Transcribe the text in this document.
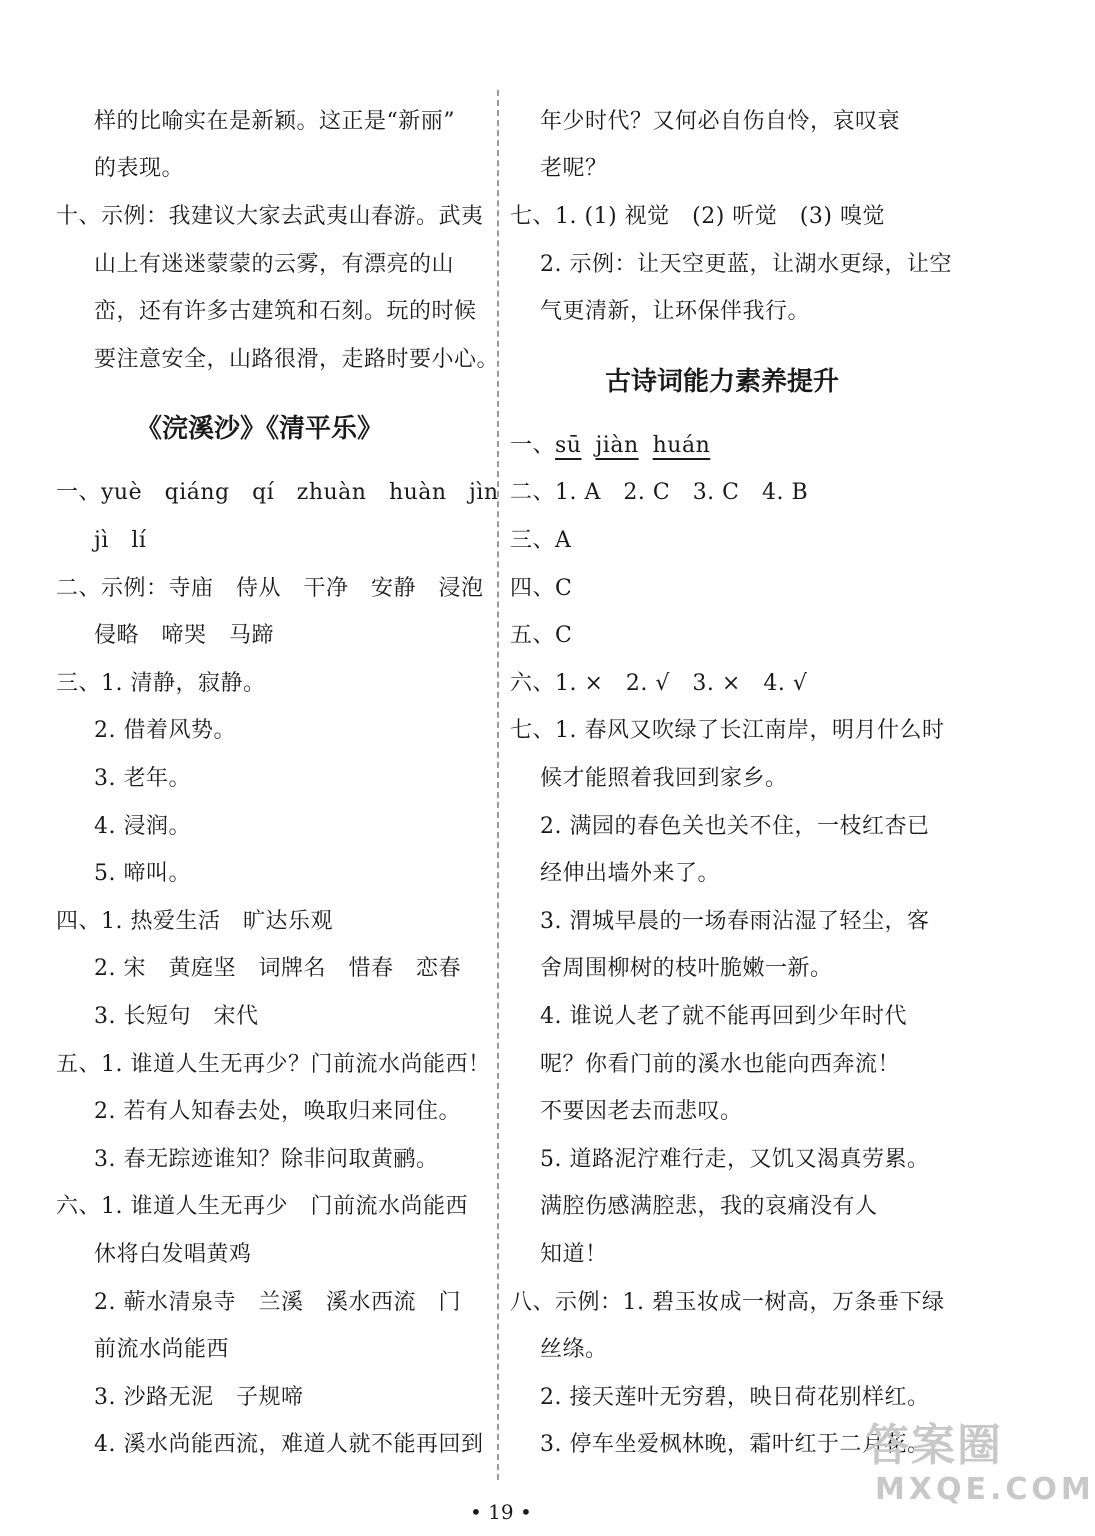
样的比喻实在是新颖。这正是“新丽”
的表现。
十、示例：我建议大家去武夷山春游。武夷
山上有迷迷蒙蒙的云雾，有漂亮的山
峦，还有许多古建筑和石刻。玩的时候
要注意安全，山路很滑，走路时要小心。
《浣溪沙》《清平乐》
一、yuè　qiáng　qí　zhuàn　huàn　jìn
jì　lí
二、示例：寺庙　侍从　干净　安静　浸泡
侵略　啼哭　马蹄
三、1. 清静，寂静。
2. 借着风势。
3. 老年。
4. 浸润。
5. 啼叫。
四、1. 热爱生活　旷达乐观
2. 宋　黄庭坚　词牌名　惜春　恋春
3. 长短句　宋代
五、1. 谁道人生无再少？门前流水尚能西！
2. 若有人知春去处，唤取归来同住。
3. 春无踪迹谁知？除非问取黄鹂。
六、1. 谁道人生无再少　门前流水尚能西
休将白发唱黄鸡
2. 蕲水清泉寺　兰溪　溪水西流　门
前流水尚能西
3. 沙路无泥　子规啼
4. 溪水尚能西流，难道人就不能再回到
年少时代？又何必自伤自怜，哀叹衰
老呢？
七、1. (1) 视觉　(2) 听觉　(3) 嗅觉
2. 示例：让天空更蓝，让湖水更绿，让空
气更清新，让环保伴我行。
古诗词能力素养提升
一、sū jiàn huán
二、1. A　2. C　3. C　4. B
三、A
四、C
五、C
六、1. ×　2. √　3. ×　4. √
七、1. 春风又吹绿了长江南岸，明月什么时
候才能照着我回到家乡。
2. 满园的春色关也关不住，一枝红杏已
经伸出墙外来了。
3. 渭城早晨的一场春雨沾湿了轻尘，客
舍周围柳树的枝叶脆嫩一新。
4. 谁说人老了就不能再回到少年时代
呢？你看门前的溪水也能向西奔流！
不要因老去而悲叹。
5. 道路泥泞难行走，又饥又渴真劳累。
满腔伤感满腔悲，我的哀痛没有人
知道！
八、示例：1. 碧玉妆成一树高，万条垂下绿
丝绦。
2. 接天莲叶无穷碧，映日荷花别样红。
3. 停车坐爱枫林晚，霜叶红于二月花。
• 19 •
答案圈
MXQE.COM
